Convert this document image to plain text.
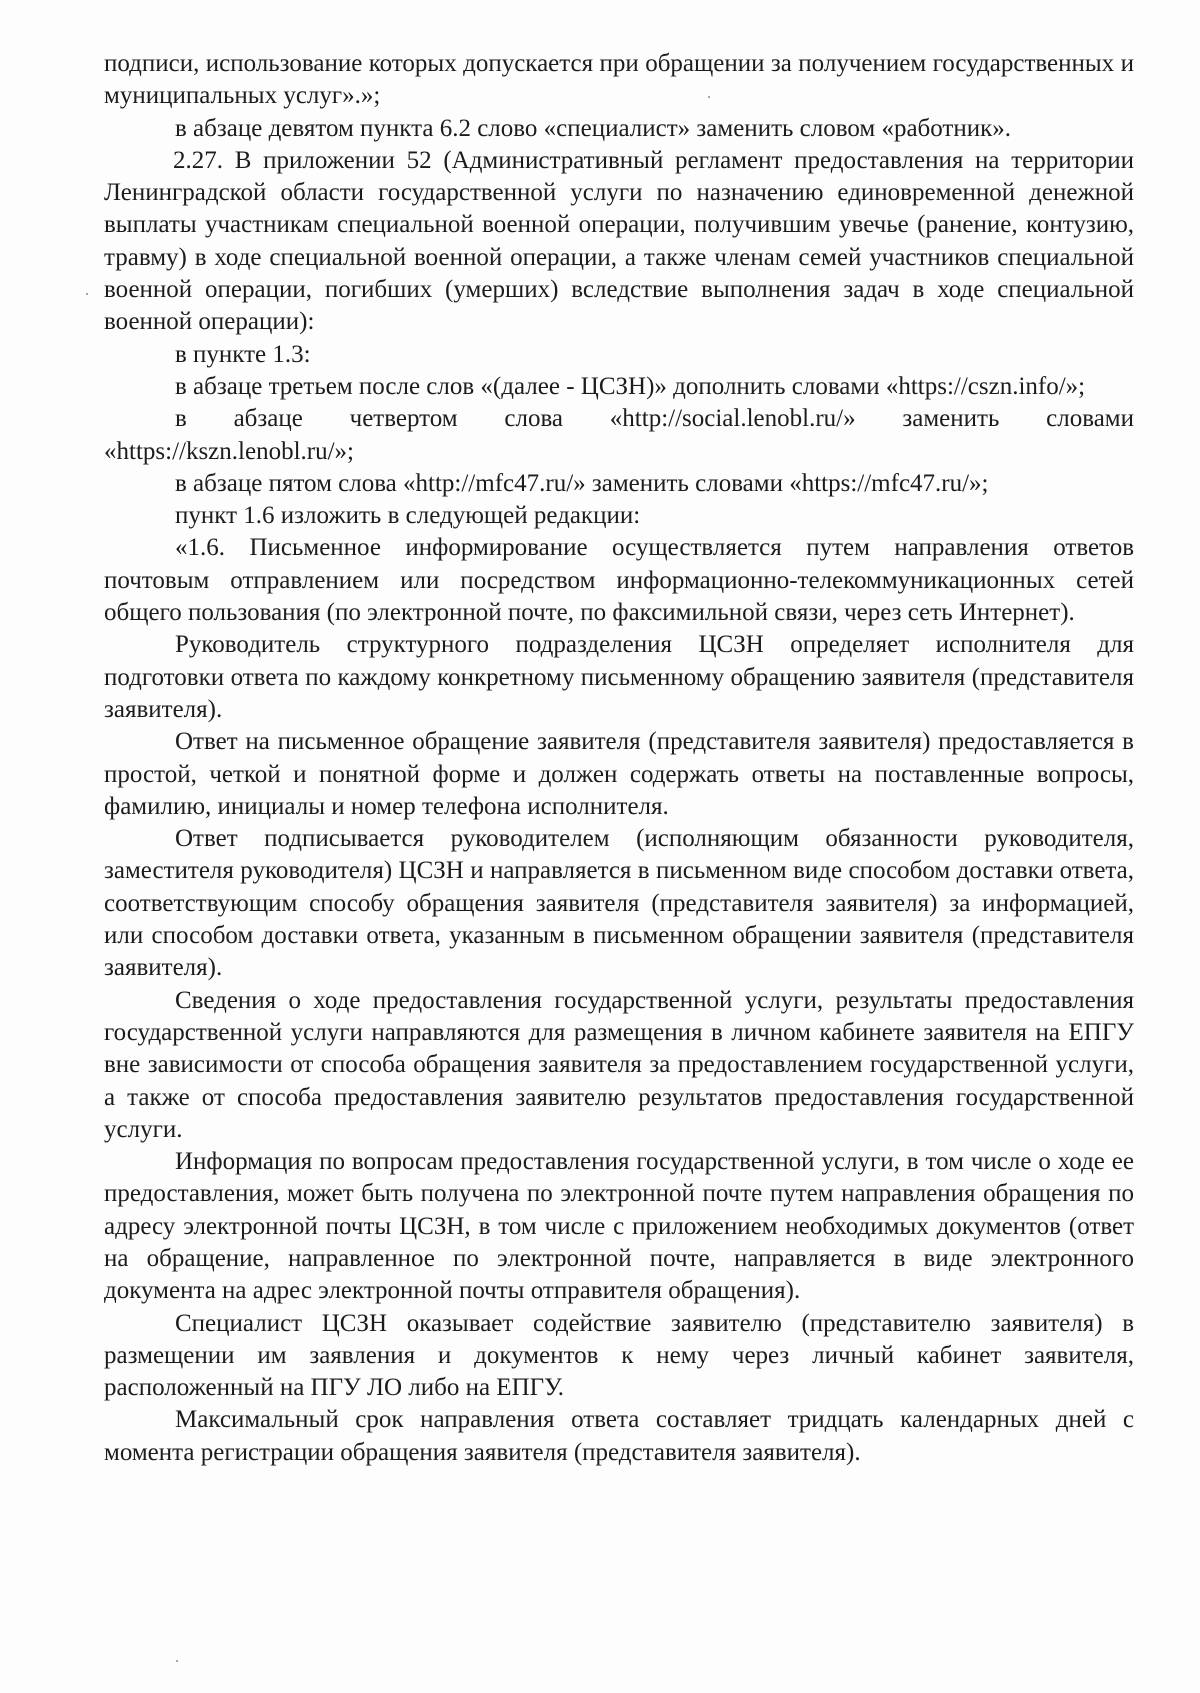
подписи, использование которых допускается при обращении за получением государственных и муниципальных услуг».»;

в абзаце девятом пункта 6.2 слово «специалист» заменить словом «работник».

2.27. В приложении 52 (Административный регламент предоставления на территории Ленинградской области государственной услуги по назначению единовременной денежной выплаты участникам специальной военной операции, получившим увечье (ранение, контузию, травму) в ходе специальной военной операции, а также членам семей участников специальной военной операции, погибших (умерших) вследствие выполнения задач в ходе специальной военной операции):

в пункте 1.3:

в абзаце третьем после слов «(далее - ЦСЗН)» дополнить словами «https://cszn.info/»;

в абзаце четвертом слова «http://social.lenobl.ru/» заменить словами «https://kszn.lenobl.ru/»;

в абзаце пятом слова «http://mfc47.ru/» заменить словами «https://mfc47.ru/»;

пункт 1.6 изложить в следующей редакции:

«1.6. Письменное информирование осуществляется путем направления ответов почтовым отправлением или посредством информационно-телекоммуникационных сетей общего пользования (по электронной почте, по факсимильной связи, через сеть Интернет).

Руководитель структурного подразделения ЦСЗН определяет исполнителя для подготовки ответа по каждому конкретному письменному обращению заявителя (представителя заявителя).

Ответ на письменное обращение заявителя (представителя заявителя) предоставляется в простой, четкой и понятной форме и должен содержать ответы на поставленные вопросы, фамилию, инициалы и номер телефона исполнителя.

Ответ подписывается руководителем (исполняющим обязанности руководителя, заместителя руководителя) ЦСЗН и направляется в письменном виде способом доставки ответа, соответствующим способу обращения заявителя (представителя заявителя) за информацией, или способом доставки ответа, указанным в письменном обращении заявителя (представителя заявителя).

Сведения о ходе предоставления государственной услуги, результаты предоставления государственной услуги направляются для размещения в личном кабинете заявителя на ЕПГУ вне зависимости от способа обращения заявителя за предоставлением государственной услуги, а также от способа предоставления заявителю результатов предоставления государственной услуги.

Информация по вопросам предоставления государственной услуги, в том числе о ходе ее предоставления, может быть получена по электронной почте путем направления обращения по адресу электронной почты ЦСЗН, в том числе с приложением необходимых документов (ответ на обращение, направленное по электронной почте, направляется в виде электронного документа на адрес электронной почты отправителя обращения).

Специалист ЦСЗН оказывает содействие заявителю (представителю заявителя) в размещении им заявления и документов к нему через личный кабинет заявителя, расположенный на ПГУ ЛО либо на ЕПГУ.

Максимальный срок направления ответа составляет тридцать календарных дней с момента регистрации обращения заявителя (представителя заявителя).
